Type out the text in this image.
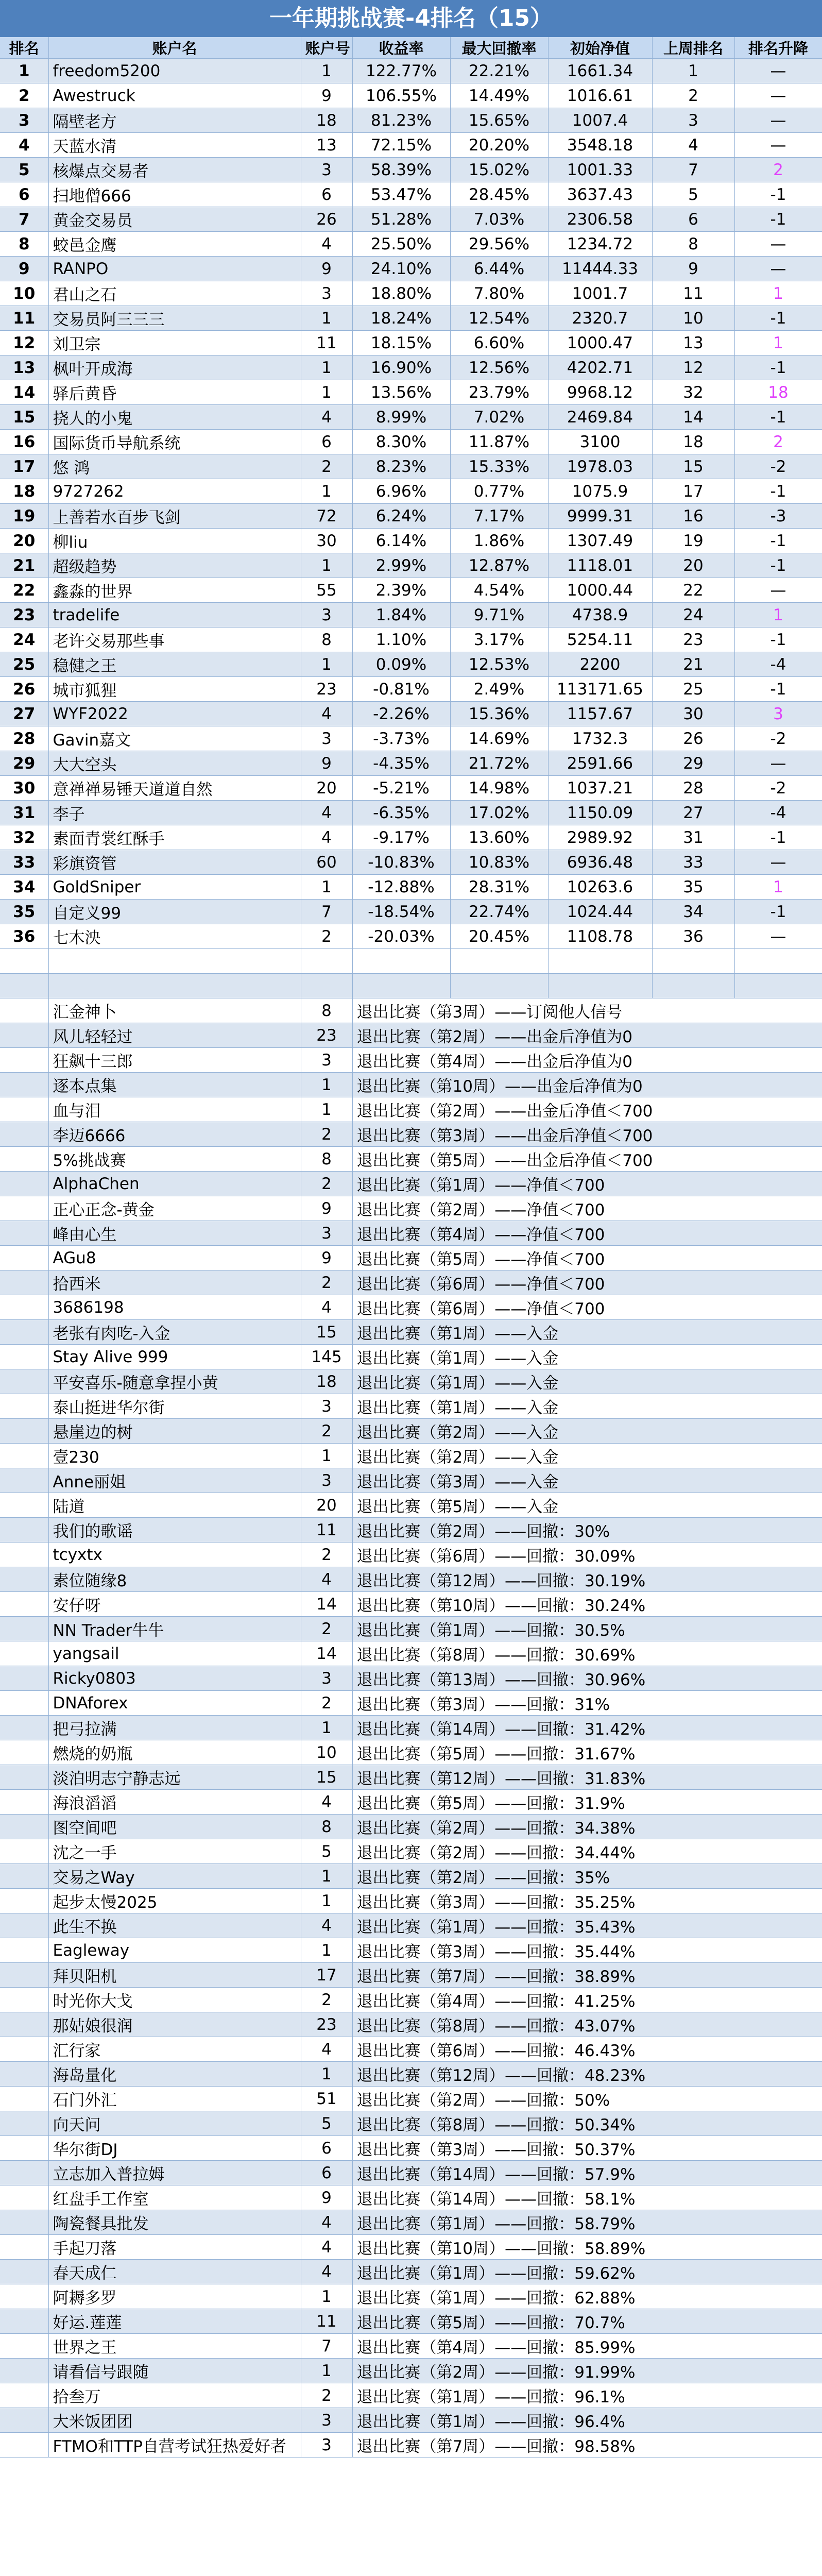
一年期挑战赛-4排名（15）
排名	账户名	账户号	收益率	最大回撤率	初始净值	上周排名	排名升降
1	freedom5200	1	122.77%	22.21%	1661.34	1	—
2	Awestruck	9	106.55%	14.49%	1016.61	2	—
3	隔壁老方	18	81.23%	15.65%	1007.4	3	—
4	天蓝水清	13	72.15%	20.20%	3548.18	4	—
5	核爆点交易者	3	58.39%	15.02%	1001.33	7	2
6	扫地僧666	6	53.47%	28.45%	3637.43	5	-1
7	黄金交易员	26	51.28%	7.03%	2306.58	6	-1
8	蛟邑金鹰	4	25.50%	29.56%	1234.72	8	—
9	RANPO	9	24.10%	6.44%	11444.33	9	—
10	君山之石	3	18.80%	7.80%	1001.7	11	1
11	交易员阿三三三	1	18.24%	12.54%	2320.7	10	-1
12	刘卫宗	11	18.15%	6.60%	1000.47	13	1
13	枫叶开成海	1	16.90%	12.56%	4202.71	12	-1
14	驿后黄昏	1	13.56%	23.79%	9968.12	32	18
15	挠人的小鬼	4	8.99%	7.02%	2469.84	14	-1
16	国际货币导航系统	6	8.30%	11.87%	3100	18	2
17	悠 鸿	2	8.23%	15.33%	1978.03	15	-2
18	9727262	1	6.96%	0.77%	1075.9	17	-1
19	上善若水百步飞剑	72	6.24%	7.17%	9999.31	16	-3
20	柳liu	30	6.14%	1.86%	1307.49	19	-1
21	超级趋势	1	2.99%	12.87%	1118.01	20	-1
22	鑫淼的世界	55	2.39%	4.54%	1000.44	22	—
23	tradelife	3	1.84%	9.71%	4738.9	24	1
24	老许交易那些事	8	1.10%	3.17%	5254.11	23	-1
25	稳健之王	1	0.09%	12.53%	2200	21	-4
26	城市狐狸	23	-0.81%	2.49%	113171.65	25	-1
27	WYF2022	4	-2.26%	15.36%	1157.67	30	3
28	Gavin嘉文	3	-3.73%	14.69%	1732.3	26	-2
29	大大空头	9	-4.35%	21.72%	2591.66	29	—
30	意禅禅易锤天道道自然	20	-5.21%	14.98%	1037.21	28	-2
31	李子	4	-6.35%	17.02%	1150.09	27	-4
32	素面青裳红酥手	4	-9.17%	13.60%	2989.92	31	-1
33	彩旗资管	60	-10.83%	10.83%	6936.48	33	—
34	GoldSniper	1	-12.88%	28.31%	10263.6	35	1
35	自定义99	7	-18.54%	22.74%	1024.44	34	-1
36	七木泱	2	-20.03%	20.45%	1108.78	36	—

	汇金神卜	8	退出比赛（第3周）——订阅他人信号				
	风儿轻轻过	23	退出比赛（第2周）——出金后净值为0				
	狂飙十三郎	3	退出比赛（第4周）——出金后净值为0				
	逐本点集	1	退出比赛（第10周）——出金后净值为0				
	血与泪	1	退出比赛（第2周）——出金后净值＜700				
	李迈6666	2	退出比赛（第3周）——出金后净值＜700				
	5%挑战赛	8	退出比赛（第5周）——出金后净值＜700				
	AlphaChen	2	退出比赛（第1周）——净值＜700				
	正心正念-黄金	9	退出比赛（第2周）——净值＜700				
	峰由心生	3	退出比赛（第4周）——净值＜700				
	AGu8	9	退出比赛（第5周）——净值＜700				
	拾西米	2	退出比赛（第6周）——净值＜700				
	3686198	4	退出比赛（第6周）——净值＜700				
	老张有肉吃-入金	15	退出比赛（第1周）——入金				
	Stay Alive 999	145	退出比赛（第1周）——入金				
	平安喜乐-随意拿捏小黄	18	退出比赛（第1周）——入金				
	泰山挺进华尔街	3	退出比赛（第1周）——入金				
	悬崖边的树	2	退出比赛（第2周）——入金				
	壹230	1	退出比赛（第2周）——入金				
	Anne丽姐	3	退出比赛（第3周）——入金				
	陆道	20	退出比赛（第5周）——入金				
	我们的歌谣	11	退出比赛（第2周）——回撤：30%				
	tcyxtx	2	退出比赛（第6周）——回撤：30.09%				
	素位随缘8	4	退出比赛（第12周）——回撤：30.19%				
	安仔呀	14	退出比赛（第10周）——回撤：30.24%				
	NN Trader牛牛	2	退出比赛（第1周）——回撤：30.5%				
	yangsail	14	退出比赛（第8周）——回撤：30.69%				
	Ricky0803	3	退出比赛（第13周）——回撤：30.96%				
	DNAforex	2	退出比赛（第3周）——回撤：31%				
	把弓拉满	1	退出比赛（第14周）——回撤：31.42%				
	燃烧的奶瓶	10	退出比赛（第5周）——回撤：31.67%				
	淡泊明志宁静志远	15	退出比赛（第12周）——回撤：31.83%				
	海浪滔滔	4	退出比赛（第5周）——回撤：31.9%				
	图空间吧	8	退出比赛（第2周）——回撤：34.38%				
	沈之一手	5	退出比赛（第2周）——回撤：34.44%				
	交易之Way	1	退出比赛（第2周）——回撤：35%				
	起步太慢2025	1	退出比赛（第3周）——回撤：35.25%				
	此生不换	4	退出比赛（第1周）——回撤：35.43%				
	Eagleway	1	退出比赛（第3周）——回撤：35.44%				
	拜贝阳机	17	退出比赛（第7周）——回撤：38.89%				
	时光你大戈	2	退出比赛（第4周）——回撤：41.25%				
	那姑娘很润	23	退出比赛（第8周）——回撤：43.07%				
	汇行家	4	退出比赛（第6周）——回撤：46.43%				
	海岛量化	1	退出比赛（第12周）——回撤：48.23%				
	石门外汇	51	退出比赛（第2周）——回撤：50%				
	向天问	5	退出比赛（第8周）——回撤：50.34%				
	华尔街DJ	6	退出比赛（第3周）——回撤：50.37%				
	立志加入普拉姆	6	退出比赛（第14周）——回撤：57.9%				
	红盘手工作室	9	退出比赛（第14周）——回撤：58.1%				
	陶瓷餐具批发	4	退出比赛（第1周）——回撤：58.79%				
	手起刀落	4	退出比赛（第10周）——回撤：58.89%				
	春天成仁	4	退出比赛（第1周）——回撤：59.62%				
	阿耨多罗	1	退出比赛（第1周）——回撤：62.88%				
	好运.莲莲	11	退出比赛（第5周）——回撤：70.7%				
	世界之王	7	退出比赛（第4周）——回撤：85.99%				
	请看信号跟随	1	退出比赛（第2周）——回撤：91.99%				
	拾叁万	2	退出比赛（第1周）——回撤：96.1%				
	大米饭团团	3	退出比赛（第1周）——回撤：96.4%				
	FTMO和TTP自营考试狂热爱好者	3	退出比赛（第7周）——回撤：98.58%				
